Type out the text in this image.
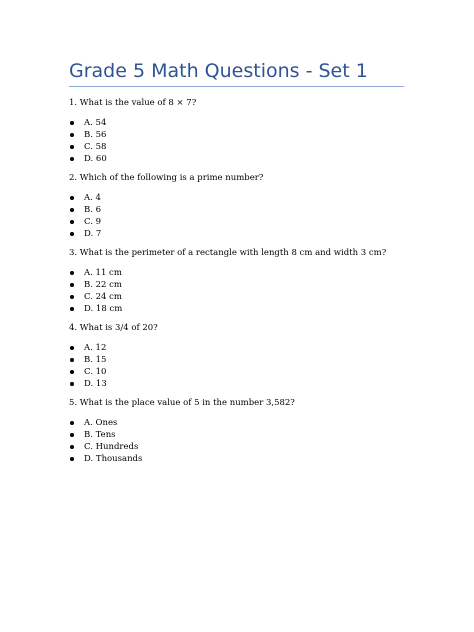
Grade 5 Math Questions - Set 1

1. What is the value of 8 × 7?

A. 54
B. 56
C. 58
D. 60

2. Which of the following is a prime number?

A. 4
B. 6
C. 9
D. 7

3. What is the perimeter of a rectangle with length 8 cm and width 3 cm?

A. 11 cm
B. 22 cm
C. 24 cm
D. 18 cm

4. What is 3/4 of 20?

A. 12
B. 15
C. 10
D. 13

5. What is the place value of 5 in the number 3,582?

A. Ones
B. Tens
C. Hundreds
D. Thousands
